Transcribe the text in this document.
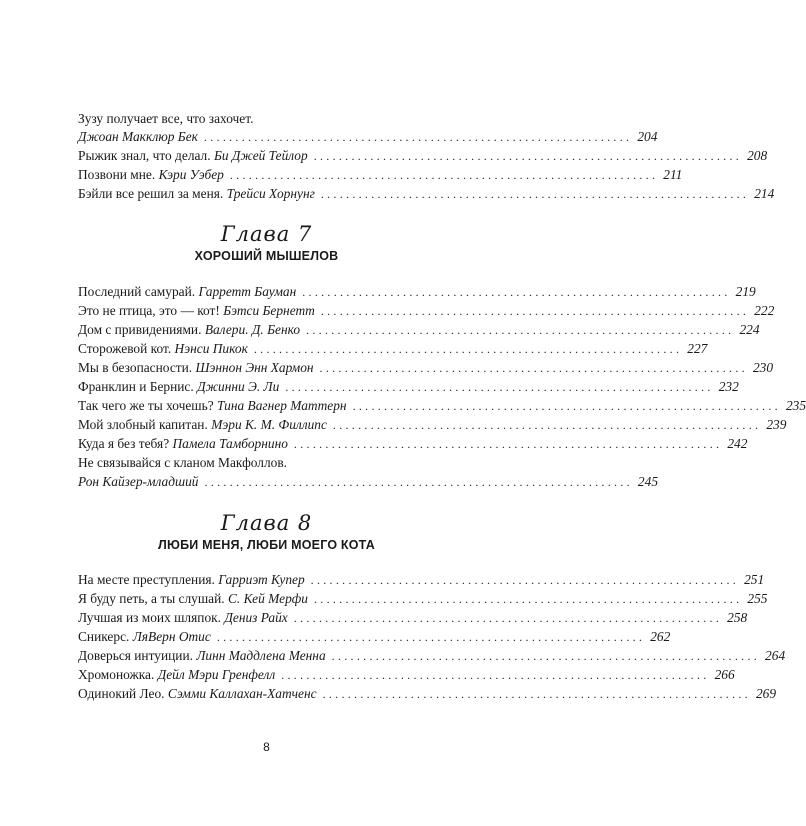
Зузу получает все, что захочет.
Джоан Макклюр Бек .................................................................... 204
Рыжик знал, что делал.
Би Джей Тейлор .................................................................... 208
Позвони мне.
Кэри Уэбер .................................................................... 211
Бэйли все решил за меня.
Трейси Хорнунг .................................................................... 214
Глава 7
ХОРОШИЙ МЫШЕЛОВ
Последний самурай.
Гарретт Бауман .................................................................... 219
Это не птица, это — кот!
Бэтси Бернетт .................................................................... 222
Дом с привидениями.
Валери. Д. Бенко .................................................................... 224
Сторожевой кот.
Нэнси Пикок .................................................................... 227
Мы в безопасности.
Шэннон Энн Хармон .................................................................... 230
Франклин и Бернис.
Джинни Э. Ли .................................................................... 232
Так чего же ты хочешь?
Тина Вагнер Маттерн .................................................................... 235
Мой злобный капитан.
Мэри К. М. Филлипс .................................................................... 239
Куда я без тебя?
Памела Тамборнино .................................................................... 242
Не связывайся с кланом Макфоллов.
Рон Кайзер-младший .................................................................... 245
Глава 8
ЛЮБИ МЕНЯ, ЛЮБИ МОЕГО КОТА
На месте преступления.
Гарриэт Купер .................................................................... 251
Я буду петь, а ты слушай.
С. Кей Мерфи .................................................................... 255
Лучшая из моих шляпок.
Дениз Райх .................................................................... 258
Сникерс.
ЛяВерн Отис .................................................................... 262
Доверься интуиции.
Линн Маддлена Менна .................................................................... 264
Хромоножка.
Дейл Мэри Гренфелл .................................................................... 266
Одинокий Лео.
Сэмми Каллахан-Хатченс .................................................................... 269
8
